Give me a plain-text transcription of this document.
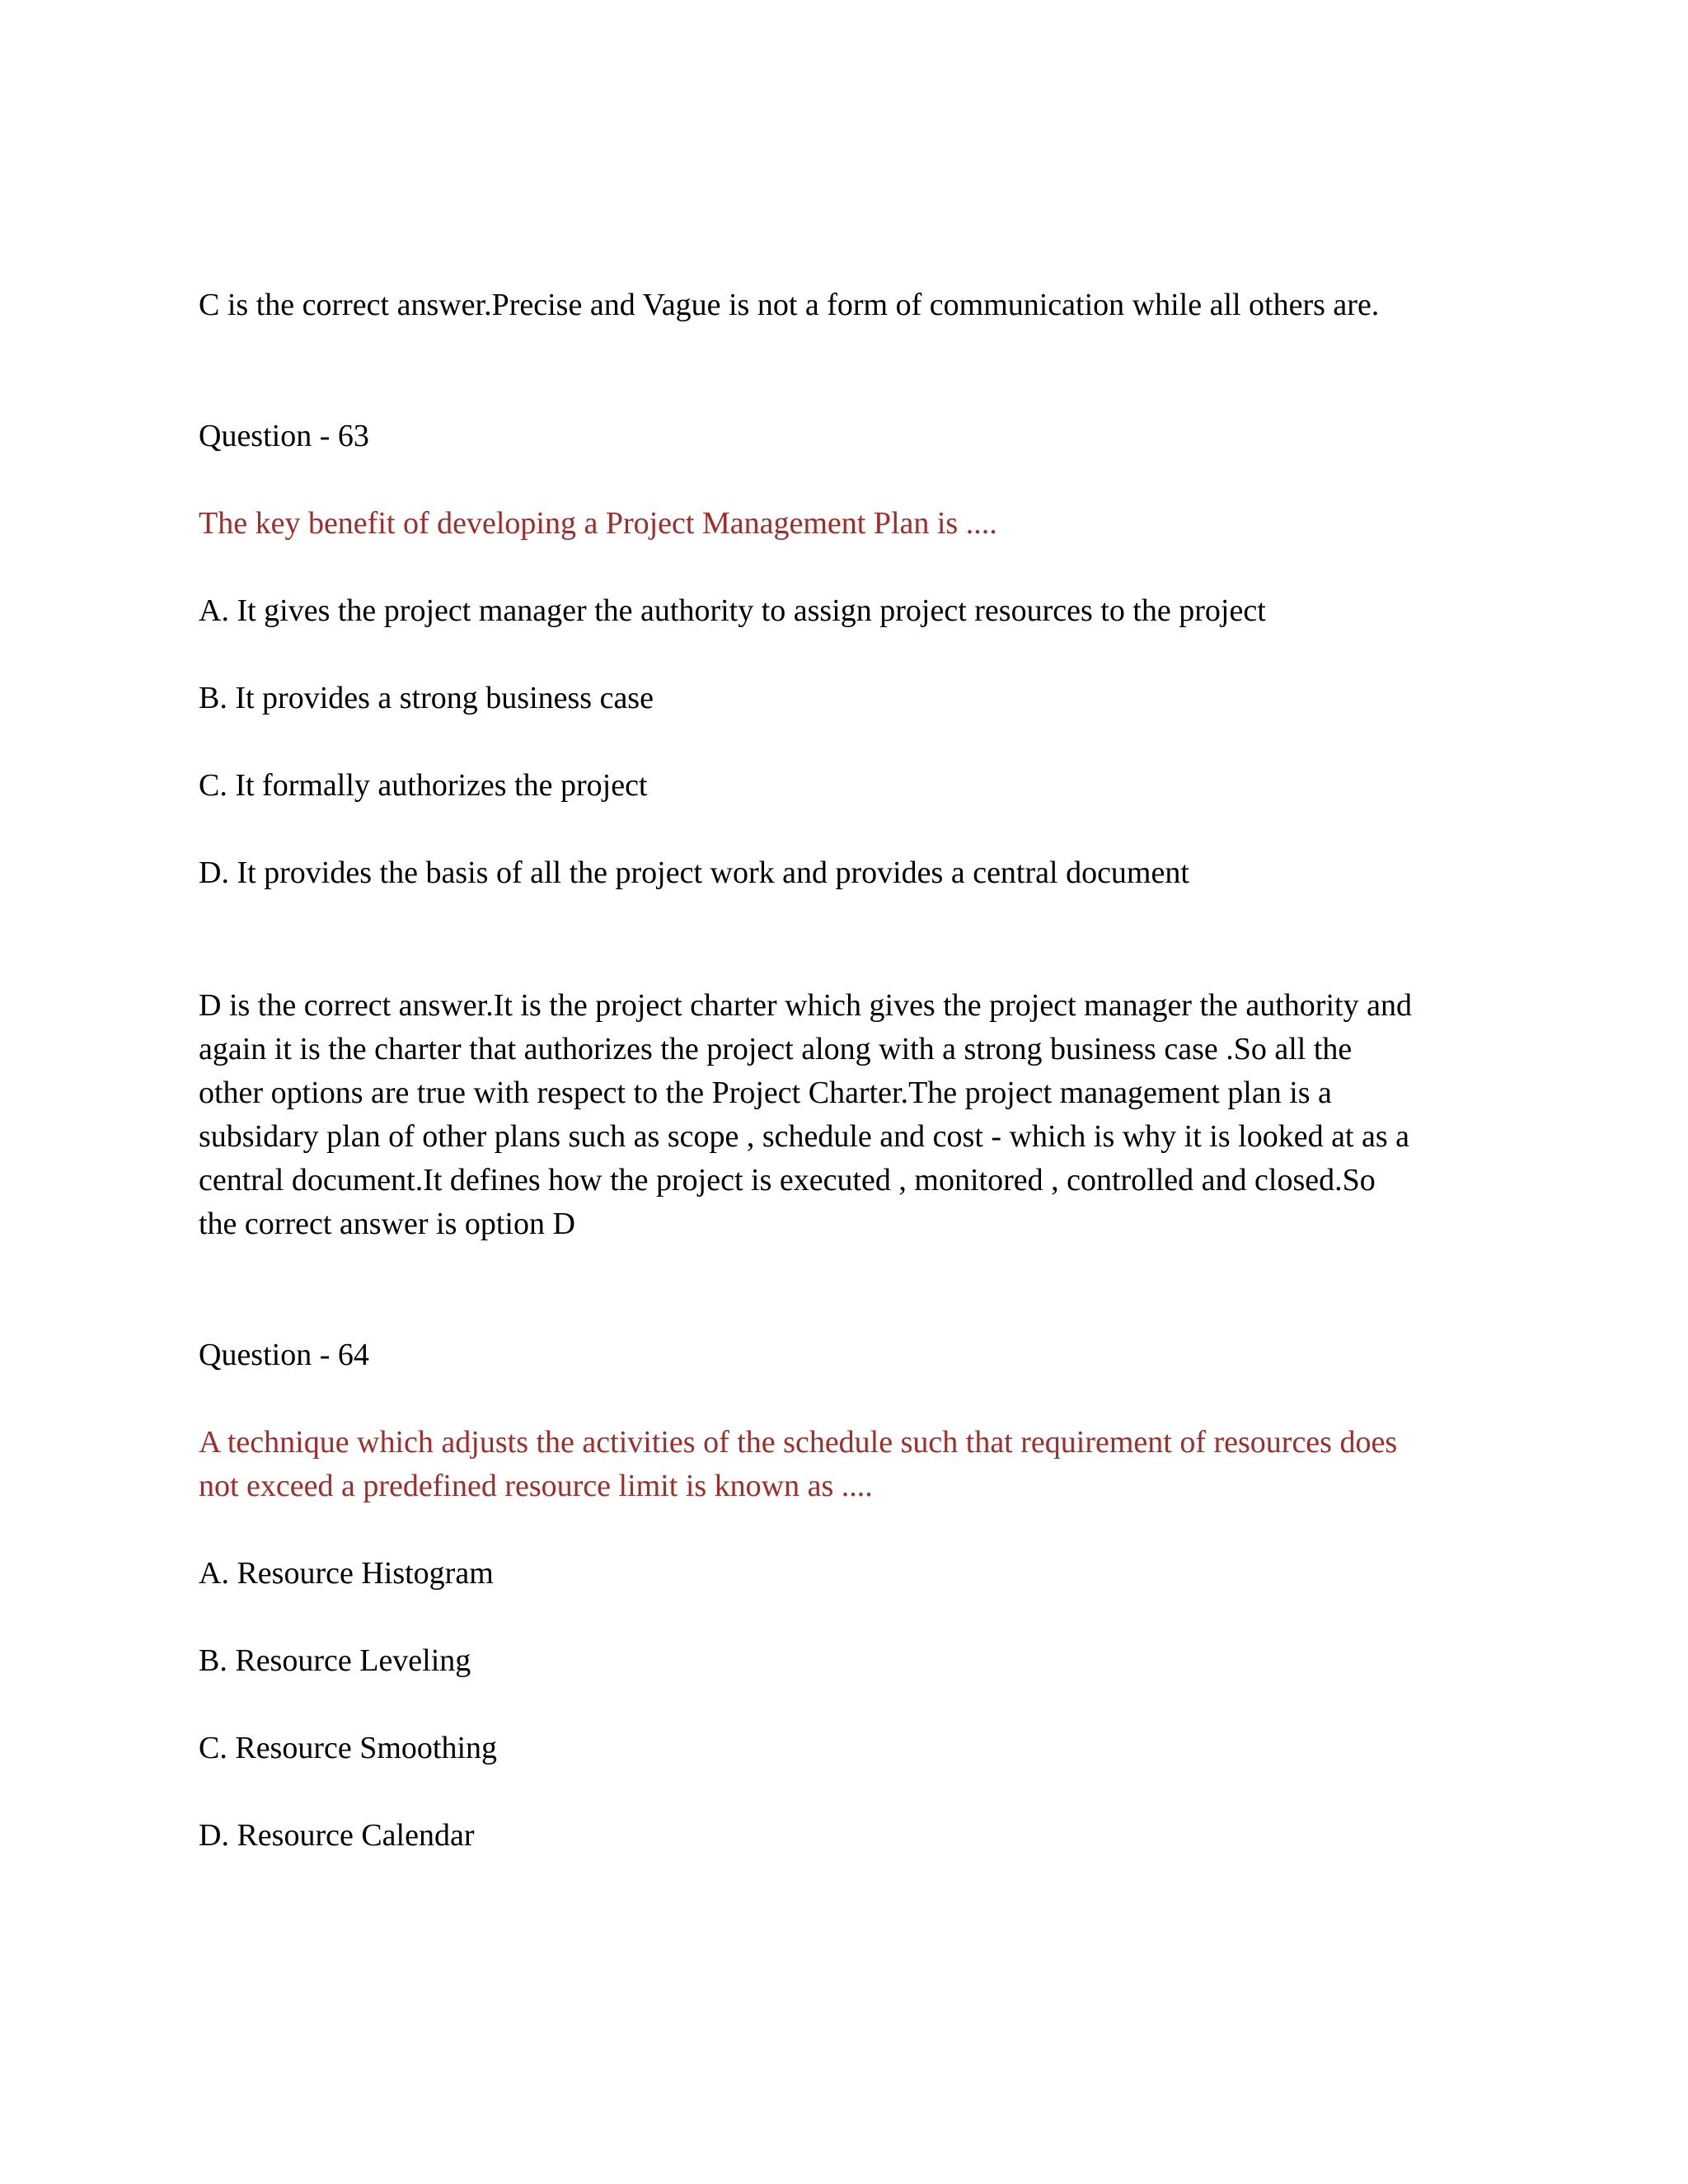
C is the correct answer.Precise and Vague is not a form of communication while all others are.

Question - 63

The key benefit of developing a Project Management Plan is ....

A. It gives the project manager the authority to assign project resources to the project

B. It provides a strong business case

C. It formally authorizes the project

D. It provides the basis of all the project work and provides a central document

D is the correct answer.It is the project charter which gives the project manager the authority and
again it is the charter that authorizes the project along with a strong business case .So all the
other options are true with respect to the Project Charter.The project management plan is a
subsidary plan of other plans such as scope , schedule and cost - which is why it is looked at as a
central document.It defines how the project is executed , monitored , controlled and closed.So
the correct answer is option D

Question - 64

A technique which adjusts the activities of the schedule such that requirement of resources does
not exceed a predefined resource limit is known as ....

A. Resource Histogram

B. Resource Leveling

C. Resource Smoothing

D. Resource Calendar
